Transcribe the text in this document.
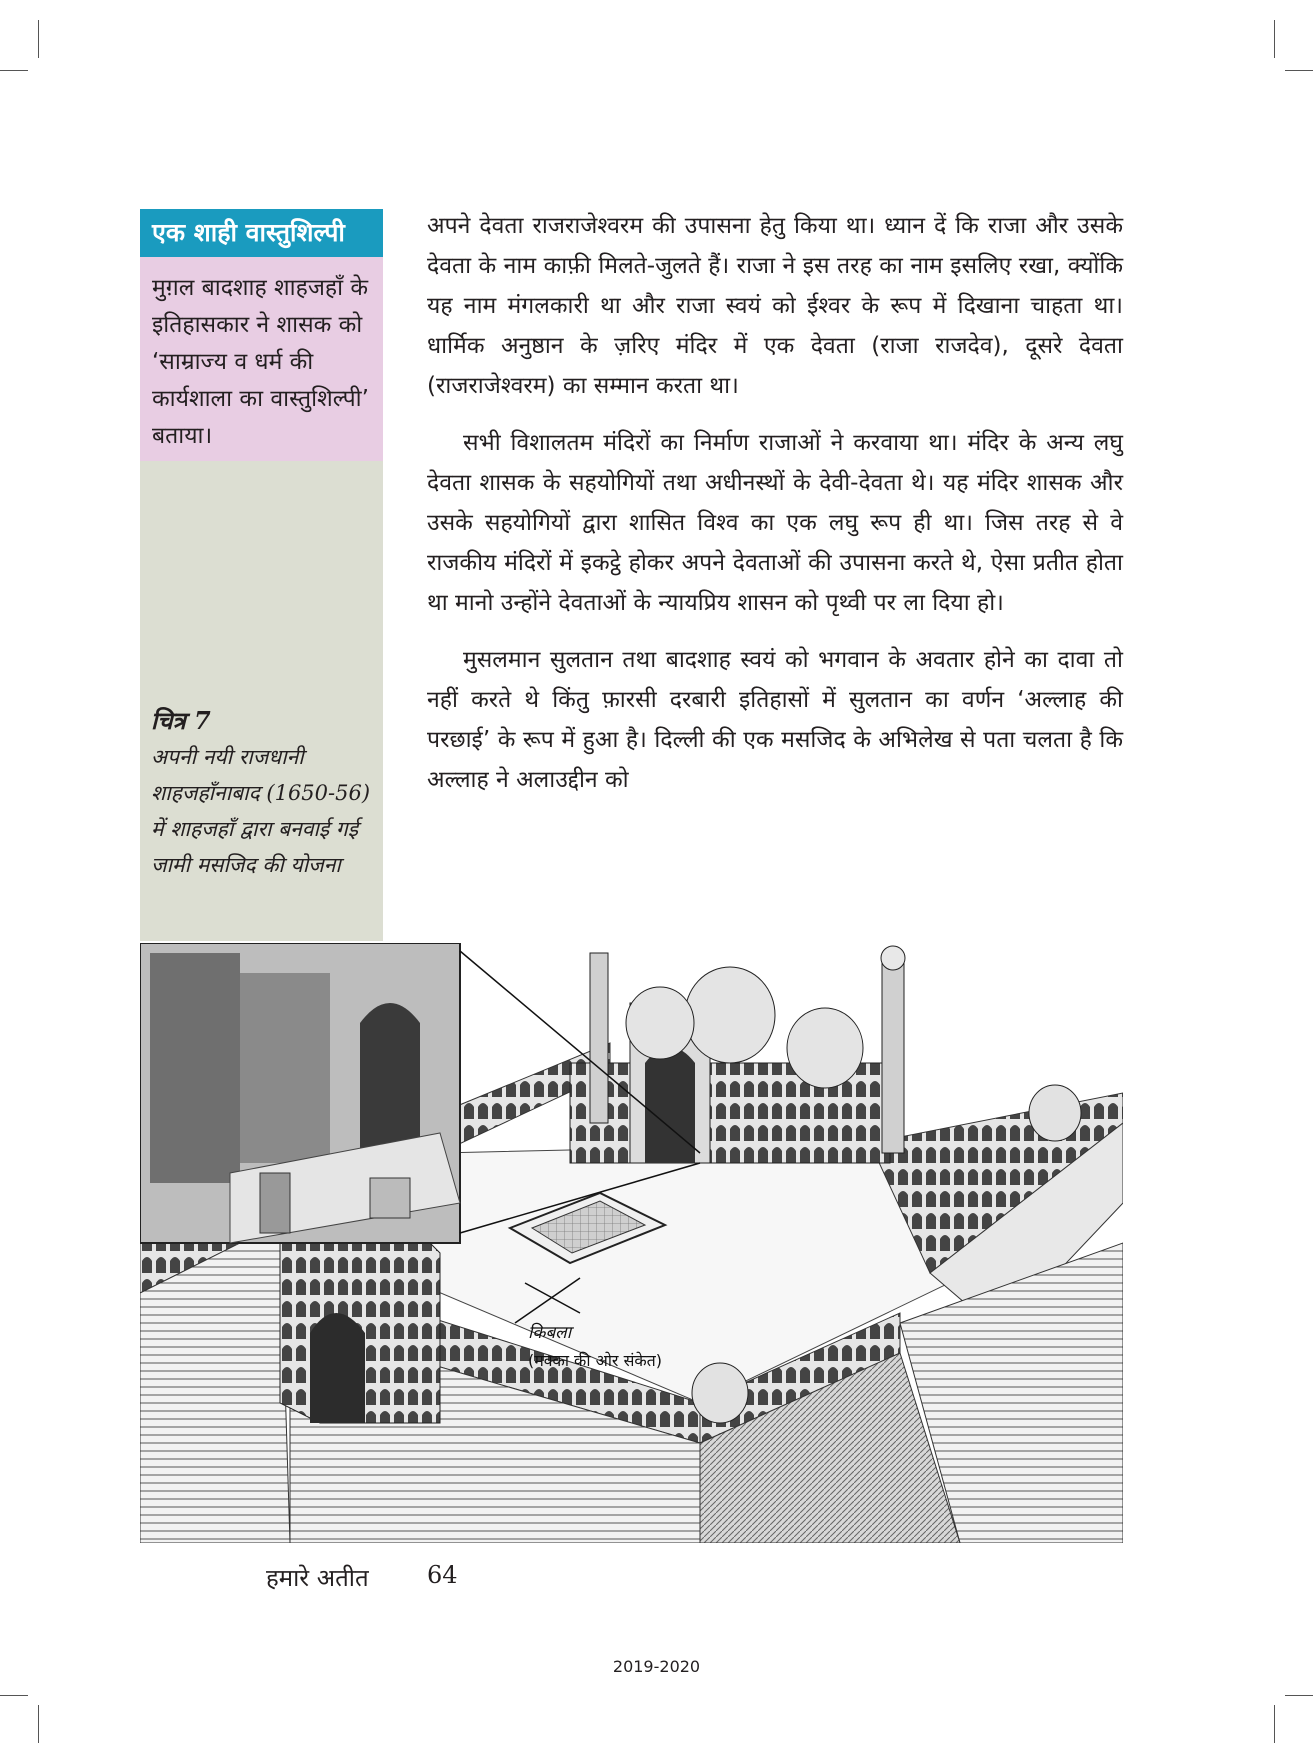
एक शाही वास्तुशिल्पी
मुग़ल बादशाह शाहजहाँ के इतिहासकार ने शासक को ‘साम्राज्य व धर्म की कार्यशाला का वास्तुशिल्पी’ बताया।
चित्र 7
अपनी नयी राजधानी शाहजहाँनाबाद (1650-56) में शाहजहाँ द्वारा बनवाई गई जामी मसजिद की योजना

अपने देवता राजराजेश्वरम की उपासना हेतु किया था। ध्यान दें कि राजा और उसके देवता के नाम काफ़ी मिलते-जुलते हैं। राजा ने इस तरह का नाम इसलिए रखा, क्योंकि यह नाम मंगलकारी था और राजा स्वयं को ईश्वर के रूप में दिखाना चाहता था। धार्मिक अनुष्ठान के ज़रिए मंदिर में एक देवता (राजा राजदेव), दूसरे देवता (राजराजेश्वरम) का सम्मान करता था।

सभी विशालतम मंदिरों का निर्माण राजाओं ने करवाया था। मंदिर के अन्य लघु देवता शासक के सहयोगियों तथा अधीनस्थों के देवी-देवता थे। यह मंदिर शासक और उसके सहयोगियों द्वारा शासित विश्व का एक लघु रूप ही था। जिस तरह से वे राजकीय मंदिरों में इकट्ठे होकर अपने देवताओं की उपासना करते थे, ऐसा प्रतीत होता था मानो उन्होंने देवताओं के न्यायप्रिय शासन को पृथ्वी पर ला दिया हो।

मुसलमान सुलतान तथा बादशाह स्वयं को भगवान के अवतार होने का दावा तो नहीं करते थे किंतु फ़ारसी दरबारी इतिहासों में सुलतान का वर्णन ‘अल्लाह की परछाई’ के रूप में हुआ है। दिल्ली की एक मसजिद के अभिलेख से पता चलता है कि अल्लाह ने अलाउद्दीन को

किबला
(मक्का की ओर संकेत)
हमारे अतीत 64
2019-2020
